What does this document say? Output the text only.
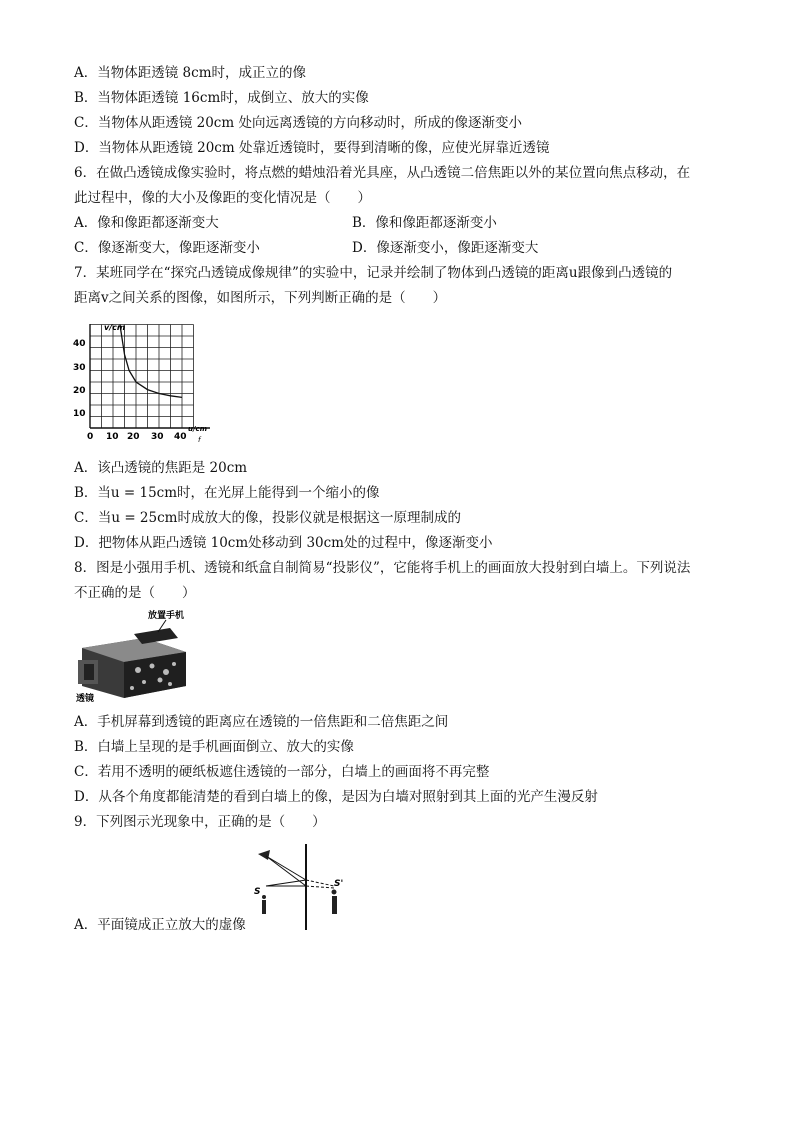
A．当物体距透镜 8cm时，成正立的像
B．当物体距透镜 16cm时，成倒立、放大的实像
C．当物体从距透镜 20cm 处向远离透镜的方向移动时，所成的像逐渐变小
D．当物体从距透镜 20cm 处靠近透镜时，要得到清晰的像，应使光屏靠近透镜
6．在做凸透镜成像实验时，将点燃的蜡烛沿着光具座，从凸透镜二倍焦距以外的某位置向焦点移动，在
此过程中，像的大小及像距的变化情况是（　　）
A．像和像距都逐渐变大	B．像和像距都逐渐变小
C．像逐渐变大，像距逐渐变小	D．像逐渐变小，像距逐渐变大
7．某班同学在“探究凸透镜成像规律”的实验中，记录并绘制了物体到凸透镜的距离u跟像到凸透镜的
距离v之间关系的图像，如图所示，下列判断正确的是（　　）
v/cm
u/cm
40
30
20
10
0 10 20 30 40 f
A．该凸透镜的焦距是 20cm
B．当u = 15cm时，在光屏上能得到一个缩小的像
C．当u = 25cm时成放大的像，投影仪就是根据这一原理制成的
D．把物体从距凸透镜 10cm处移动到 30cm处的过程中，像逐渐变小
8．图是小强用手机、透镜和纸盒自制简易“投影仪”，它能将手机上的画面放大投射到白墙上。下列说法
不正确的是（　　）
放置手机
透镜
A．手机屏幕到透镜的距离应在透镜的一倍焦距和二倍焦距之间
B．白墙上呈现的是手机画面倒立、放大的实像
C．若用不透明的硬纸板遮住透镜的一部分，白墙上的画面将不再完整
D．从各个角度都能清楚的看到白墙上的像，是因为白墙对照射到其上面的光产生漫反射
9．下列图示光现象中，正确的是（　　）
S
S'
A．平面镜成正立放大的虚像
